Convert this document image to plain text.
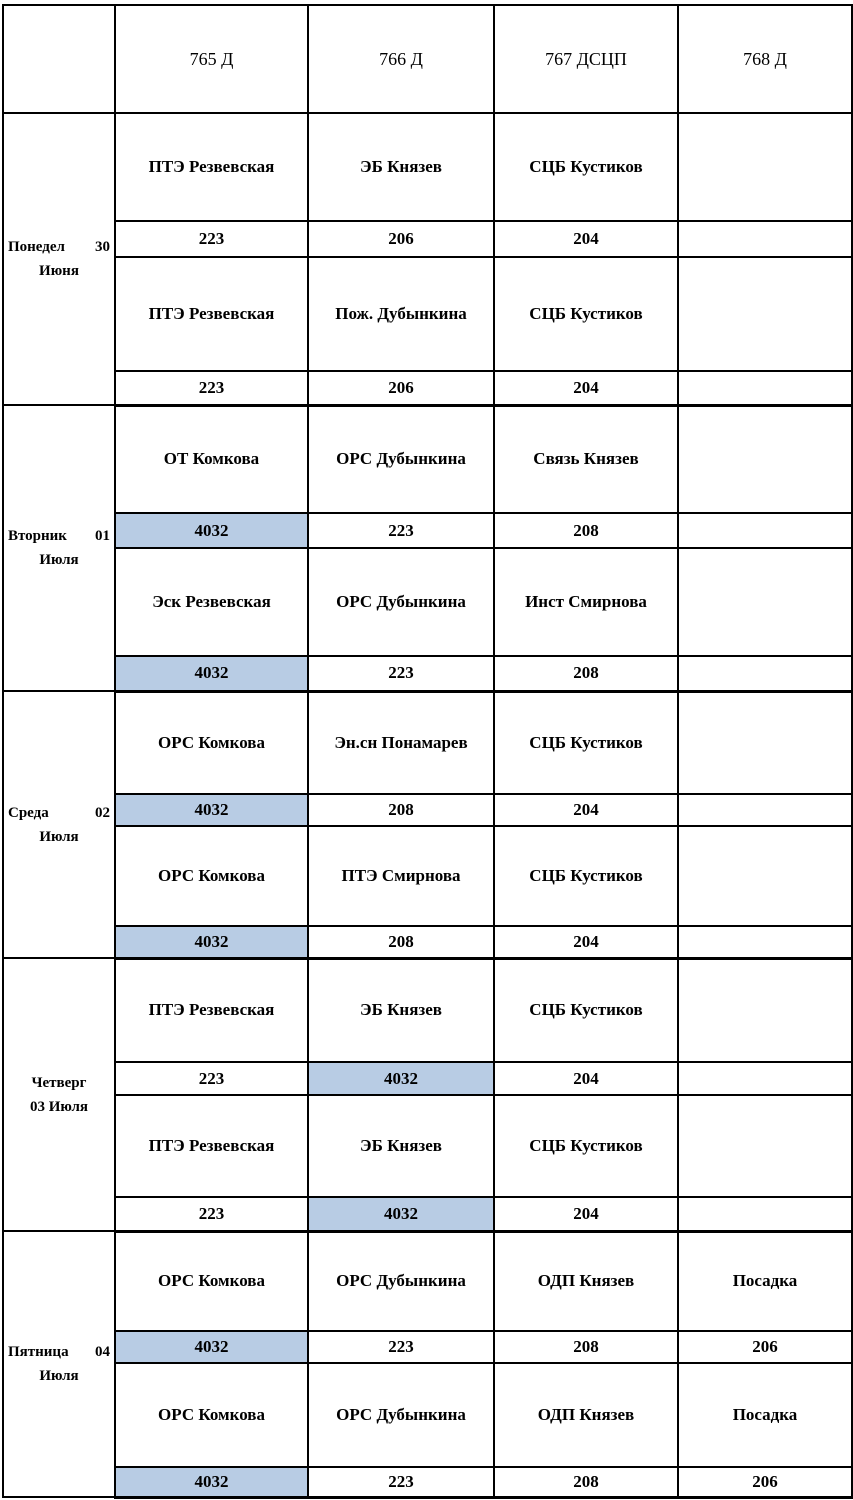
	765 Д	766 Д	767 ДСЦП	768 Д

Понедел 30
Июня	ПТЭ Резвевская	ЭБ Князев	СЦБ Кустиков	
	223	206	204	
	ПТЭ Резвевская	Пож. Дубынкина	СЦБ Кустиков	
	223	206	204	

Вторник 01
Июля	ОТ Комкова	ОРС Дубынкина	Связь Князев	
	4032	223	208	
	Эск Резвевская	ОРС Дубынкина	Инст Смирнова	
	4032	223	208	

Среда 02
Июля	ОРС Комкова	Эн.сн Понамарев	СЦБ Кустиков	
	4032	208	204	
	ОРС Комкова	ПТЭ Смирнова	СЦБ Кустиков	
	4032	208	204	

Четверг
03 Июля	ПТЭ Резвевская	ЭБ Князев	СЦБ Кустиков	
	223	4032	204	
	ПТЭ Резвевская	ЭБ Князев	СЦБ Кустиков	
	223	4032	204	

Пятница 04
Июля	ОРС Комкова	ОРС Дубынкина	ОДП Князев	Посадка
	4032	223	208	206
	ОРС Комкова	ОРС Дубынкина	ОДП Князев	Посадка
	4032	223	208	206
